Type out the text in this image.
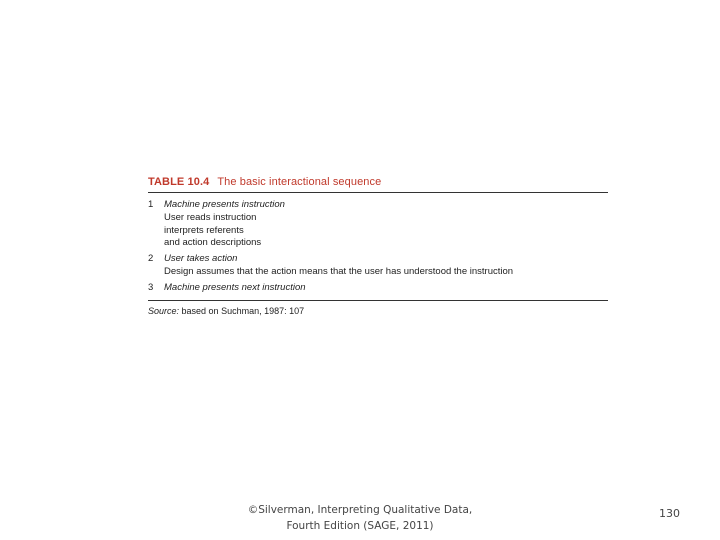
TABLE 10.4 The basic interactional sequence
1	Machine presents instruction
User reads instruction
interprets referents
and action descriptions
2	User takes action
Design assumes that the action means that the user has understood the instruction
3	Machine presents next instruction
Source: based on Suchman, 1987: 107
©Silverman, Interpreting Qualitative Data,
Fourth Edition (SAGE, 2011)
130
